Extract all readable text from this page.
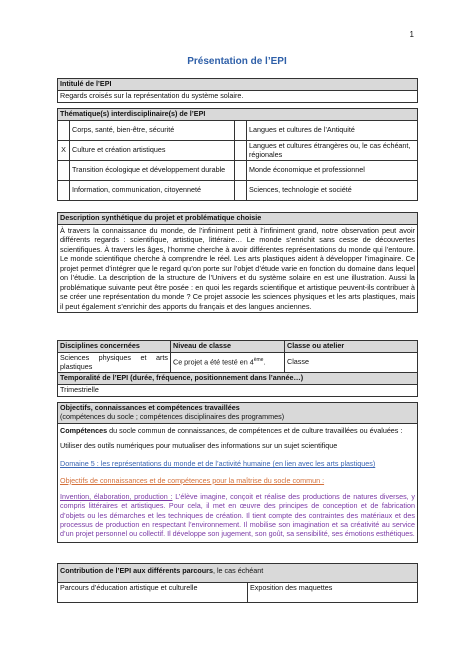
1
Présentation de l’EPI
Intitulé de l’EPI
Regards croisés sur la représentation du système solaire.
Thématique(s) interdisciplinaire(s) de l’EPI			
	Corps, santé, bien-être, sécurité		Langues et cultures de l’Antiquité
X	Culture et création artistiques		Langues et cultures étrangères ou, le cas échéant, régionales
	Transition écologique et développement durable		Monde économique et professionnel
	Information, communication, citoyenneté		Sciences, technologie et société
Description synthétique du projet et problématique choisie
À travers la connaissance du monde, de l’infiniment petit à l’infiniment grand, notre observation peut avoir différents regards : scientifique, artistique, littéraire… Le monde s’enrichit sans cesse de découvertes scientifiques. À travers les âges, l’homme cherche à avoir différentes représentations du monde qui l’entoure. Le monde scientifique cherche à comprendre le réel. Les arts plastiques aident à développer l’imaginaire. Ce projet permet d’intégrer que le regard qu’on porte sur l’objet d’étude varie en fonction du domaine dans lequel on l’étudie. La description de la structure de l’Univers et du système solaire en est une illustration. Aussi la problématique suivante peut être posée : en quoi les regards scientifique et artistique peuvent-ils contribuer à se créer une représentation du monde ? Ce projet associe les sciences physiques et les arts plastiques, mais il peut également s’enrichir des apports du français et des langues anciennes.
Disciplines concernées	Niveau de classe	Classe ou atelier
Sciences physiques et arts plastiques	Ce projet a été testé en 4ème.	Classe
Temporalité de l’EPI (durée, fréquence, positionnement dans l’année…)		
Trimestrielle		
Objectifs, connaissances et compétences travaillées
(compétences du socle ; compétences disciplinaires des programmes)

Compétences du socle commun de connaissances, de compétences et de culture travaillées ou évaluées :
Utiliser des outils numériques pour mutualiser des informations sur un sujet scientifique
Domaine 5 : les représentations du monde et de l’activité humaine (en lien avec les arts plastiques)
Objectifs de connaissances et de compétences pour la maîtrise du socle commun :
Invention, élaboration, production : L’élève imagine, conçoit et réalise des productions de natures diverses, y compris littéraires et artistiques. Pour cela, il met en œuvre des principes de conception et de fabrication d’objets ou les démarches et les techniques de création. Il tient compte des contraintes des matériaux et des processus de production en respectant l’environnement. Il mobilise son imagination et sa créativité au service d’un projet personnel ou collectif. Il développe son jugement, son goût, sa sensibilité, ses émotions esthétiques.
Contribution de l’EPI aux différents parcours, le cas échéant
Parcours d’éducation artistique et culturelle	Exposition des maquettes
